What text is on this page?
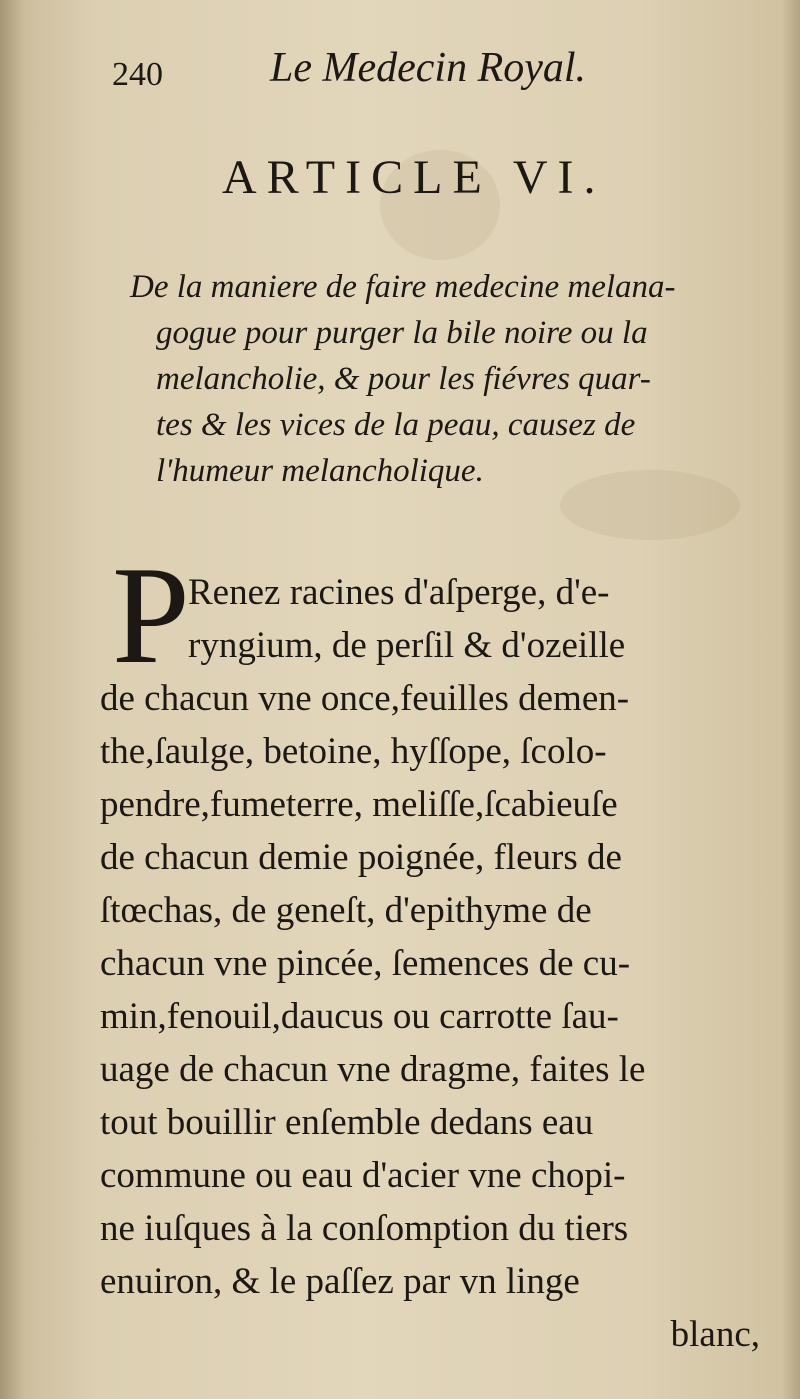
240	Le Medecin Royal.
ARTICLE VI.
De la maniere de faire medecine melana-
gogue pour purger la bile noire ou la
melancholie, & pour les fiévres quar-
tes & les vices de la peau, causez de
l'humeur melancholique.
P
Renez racines d'aſperge, d'e-
ryngium, de perſil & d'ozeille
de chacun vne once,feuilles demen-
the,ſaulge, betoine, hyſſope, ſcolo-
pendre,fumeterre, meliſſe,ſcabieuſe
de chacun demie poignée, fleurs de
ſtœchas, de geneſt, d'epithyme de
chacun vne pincée, ſemences de cu-
min,fenouil,daucus ou carrotte ſau-
uage de chacun vne dragme, faites le
tout bouillir enſemble dedans eau
commune ou eau d'acier vne chopi-
ne iuſques à la conſomption du tiers
enuiron, & le paſſez par vn linge
blanc,
